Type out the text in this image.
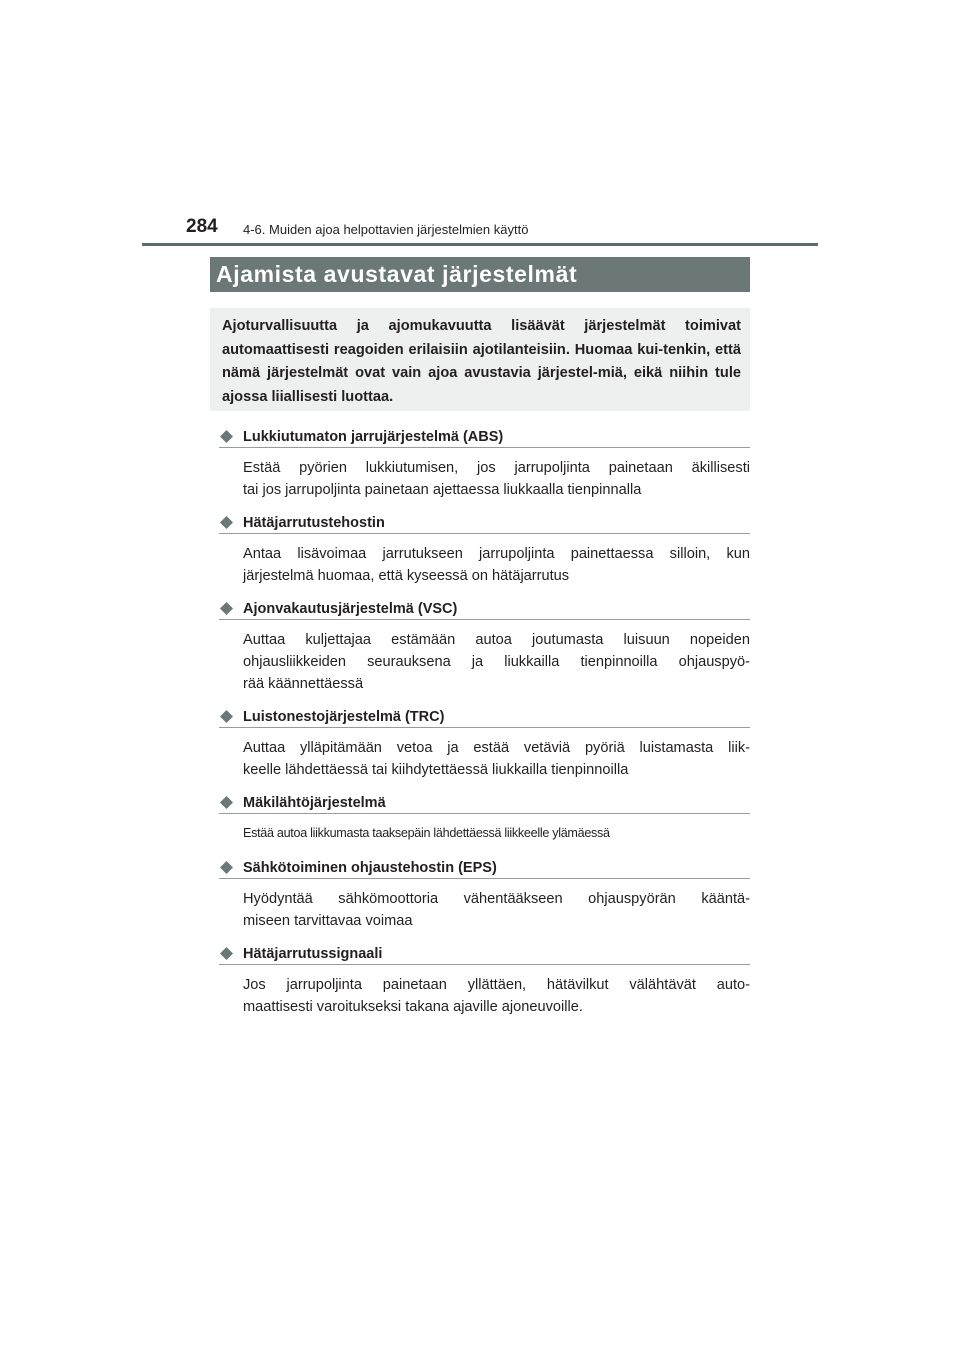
284 4-6. Muiden ajoa helpottavien järjestelmien käyttö
Ajamista avustavat järjestelmät
Ajoturvallisuutta ja ajomukavuutta lisäävät järjestelmät toimivat automaattisesti reagoiden erilaisiin ajotilanteisiin. Huomaa kui-tenkin, että nämä järjestelmät ovat vain ajoa avustavia järjestel-miä, eikä niihin tule ajossa liiallisesti luottaa.
Lukkiutumaton jarrujärjestelmä (ABS)
Estää pyörien lukkiutumisen, jos jarrupoljinta painetaan äkillisesti
tai jos jarrupoljinta painetaan ajettaessa liukkaalla tienpinnalla
Hätäjarrutustehostin
Antaa lisävoimaa jarrutukseen jarrupoljinta painettaessa silloin, kun
järjestelmä huomaa, että kyseessä on hätäjarrutus
Ajonvakautusjärjestelmä (VSC)
Auttaa kuljettajaa estämään autoa joutumasta luisuun nopeiden
ohjausliikkeiden seurauksena ja liukkailla tienpinnoilla ohjauspyö-
rää käännettäessä
Luistonestojärjestelmä (TRC)
Auttaa ylläpitämään vetoa ja estää vetäviä pyöriä luistamasta liik-
keelle lähdettäessä tai kiihdytettäessä liukkailla tienpinnoilla
Mäkilähtöjärjestelmä
Estää autoa liikkumasta taaksepäin lähdettäessä liikkeelle ylämäessä
Sähkötoiminen ohjaustehostin (EPS)
Hyödyntää sähkömoottoria vähentääkseen ohjauspyörän kääntä-
miseen tarvittavaa voimaa
Hätäjarrutussignaali
Jos jarrupoljinta painetaan yllättäen, hätävilkut välähtävät auto-
maattisesti varoitukseksi takana ajaville ajoneuvoille.
